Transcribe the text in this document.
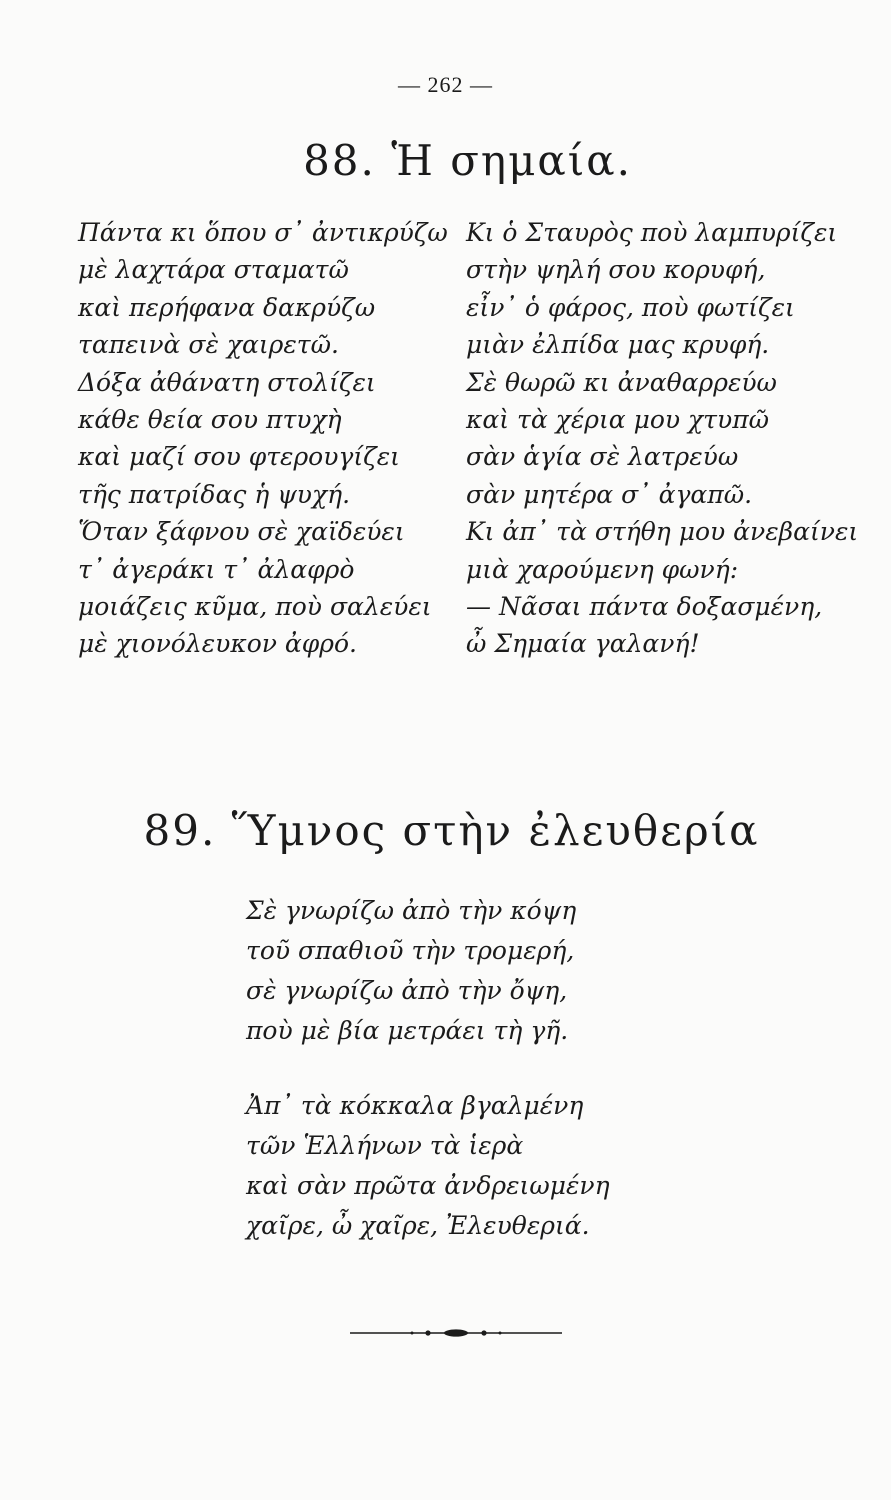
— 262 —
88. Ἡ σημαία.
Πάντα κι ὅπου σ᾽ ἀντικρύζω
μὲ λαχτάρα σταματῶ
καὶ περήφανα δακρύζω
ταπεινὰ σὲ χαιρετῶ.
Δόξα ἀθάνατη στολίζει
κάθε θεία σου πτυχὴ
καὶ μαζί σου φτερουγίζει
τῆς πατρίδας ἡ ψυχή.
Ὅταν ξάφνου σὲ χαϊδεύει
τ᾽ ἀγεράκι τ᾽ ἀλαφρὸ
μοιάζεις κῦμα, ποὺ σαλεύει
μὲ χιονόλευκον ἀφρό.
Κι ὁ Σταυρὸς ποὺ λαμπυρίζει
στὴν ψηλή σου κορυφή,
εἶν᾽ ὁ φάρος, ποὺ φωτίζει
μιὰν ἐλπίδα μας κρυφή.
Σὲ θωρῶ κι ἀναθαρρεύω
καὶ τὰ χέρια μου χτυπῶ
σὰν ἁγία σὲ λατρεύω
σὰν μητέρα σ᾽ ἀγαπῶ.
Κι ἀπ᾽ τὰ στήθη μου ἀνεβαίνει
μιὰ χαρούμενη φωνή:
— Νᾶσαι πάντα δοξασμένη,
ὦ Σημαία γαλανή!
89. Ὕμνος στὴν ἐλευθερία
Σὲ γνωρίζω ἀπὸ τὴν κόψη
τοῦ σπαθιοῦ τὴν τρομερή,
σὲ γνωρίζω ἀπὸ τὴν ὄψη,
ποὺ μὲ βία μετράει τὴ γῆ.
Ἀπ᾽ τὰ κόκκαλα βγαλμένη
τῶν Ἑλλήνων τὰ ἱερὰ
καὶ σὰν πρῶτα ἀνδρειωμένη
χαῖρε, ὦ χαῖρε, Ἐλευθεριά.
